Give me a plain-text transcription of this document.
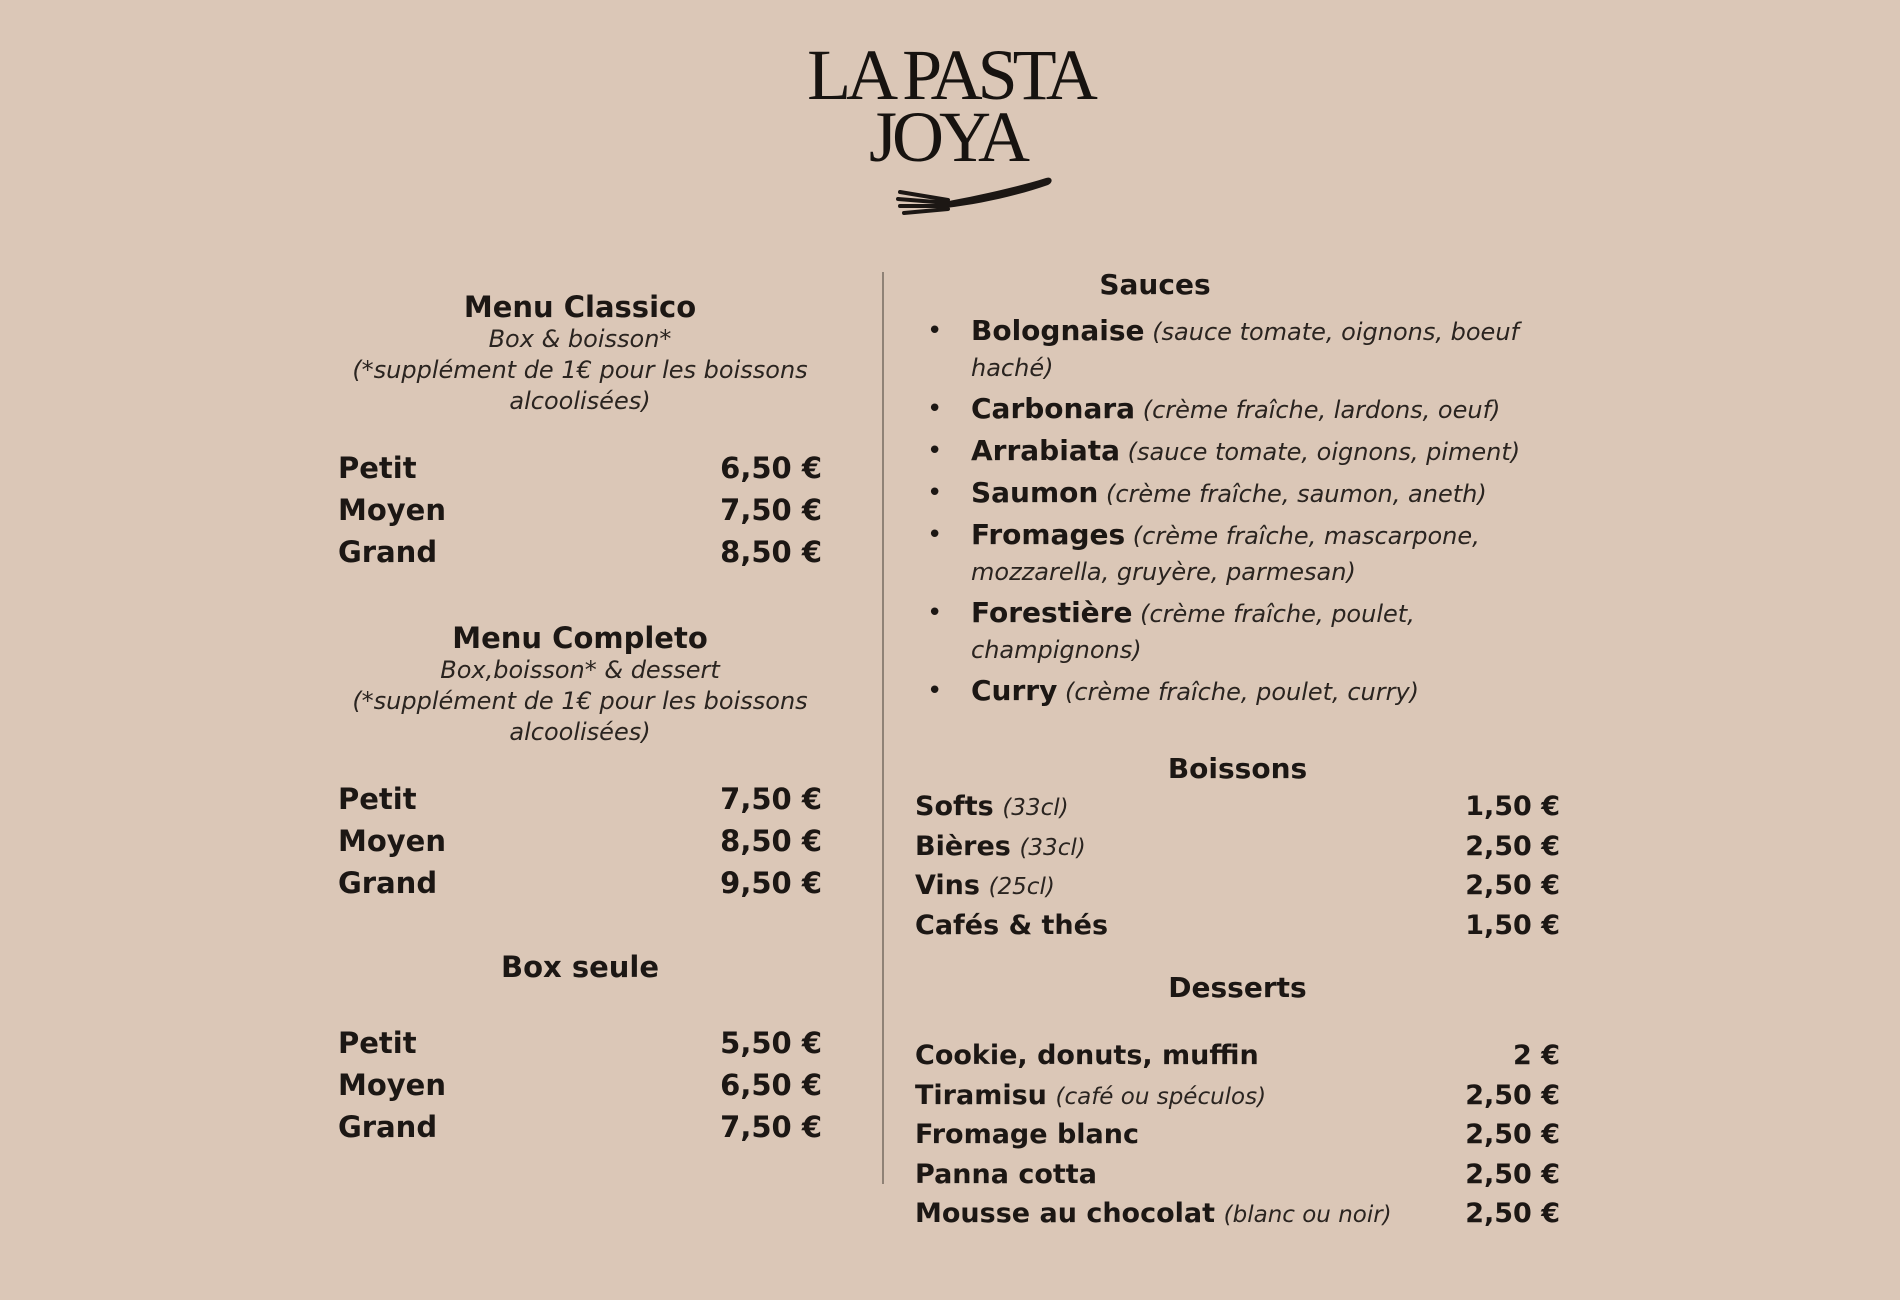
LA PASTA
JOYA
Menu Classico
Box & boisson*
(*supplément de 1€ pour les boissons alcoolisées)
Petit	6,50 €
Moyen	7,50 €
Grand	8,50 €
Menu Completo
Box,boisson* & dessert
(*supplément de 1€ pour les boissons alcoolisées)
Petit	7,50 €
Moyen	8,50 €
Grand	9,50 €
Box seule
Petit	5,50 €
Moyen	6,50 €
Grand	7,50 €
Sauces
• Bolognaise (sauce tomate, oignons, boeuf haché)
• Carbonara (crème fraîche, lardons, oeuf)
• Arrabiata (sauce tomate, oignons, piment)
• Saumon (crème fraîche, saumon, aneth)
• Fromages (crème fraîche, mascarpone, mozzarella, gruyère, parmesan)
• Forestière (crème fraîche, poulet, champignons)
• Curry (crème fraîche, poulet, curry)
Boissons
Softs (33cl)	1,50 €
Bières (33cl)	2,50 €
Vins (25cl)	2,50 €
Cafés & thés	1,50 €
Desserts
Cookie, donuts, muffin	2 €
Tiramisu (café ou spéculos)	2,50 €
Fromage blanc	2,50 €
Panna cotta	2,50 €
Mousse au chocolat (blanc ou noir)	2,50 €
